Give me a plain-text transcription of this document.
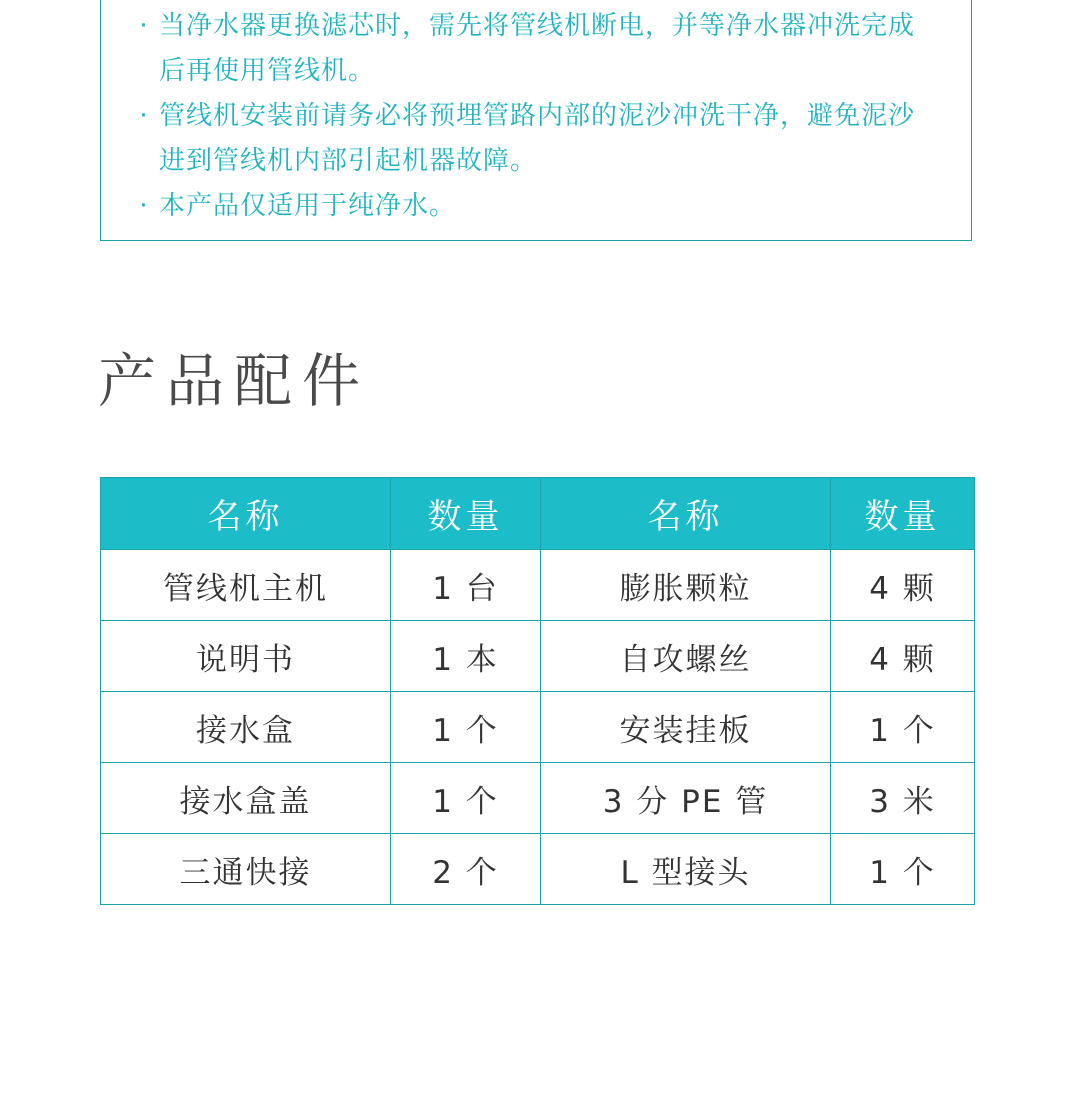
· 当净水器更换滤芯时，需先将管线机断电，并等净水器冲洗完成后再使用管线机。
· 管线机安装前请务必将预埋管路内部的泥沙冲洗干净，避免泥沙进到管线机内部引起机器故障。
· 本产品仅适用于纯净水。
产品配件
名称	数量	名称	数量
管线机主机	1 台	膨胀颗粒	4 颗
说明书	1 本	自攻螺丝	4 颗
接水盒	1 个	安装挂板	1 个
接水盒盖	1 个	3 分 PE 管	3 米
三通快接	2 个	L 型接头	1 个
